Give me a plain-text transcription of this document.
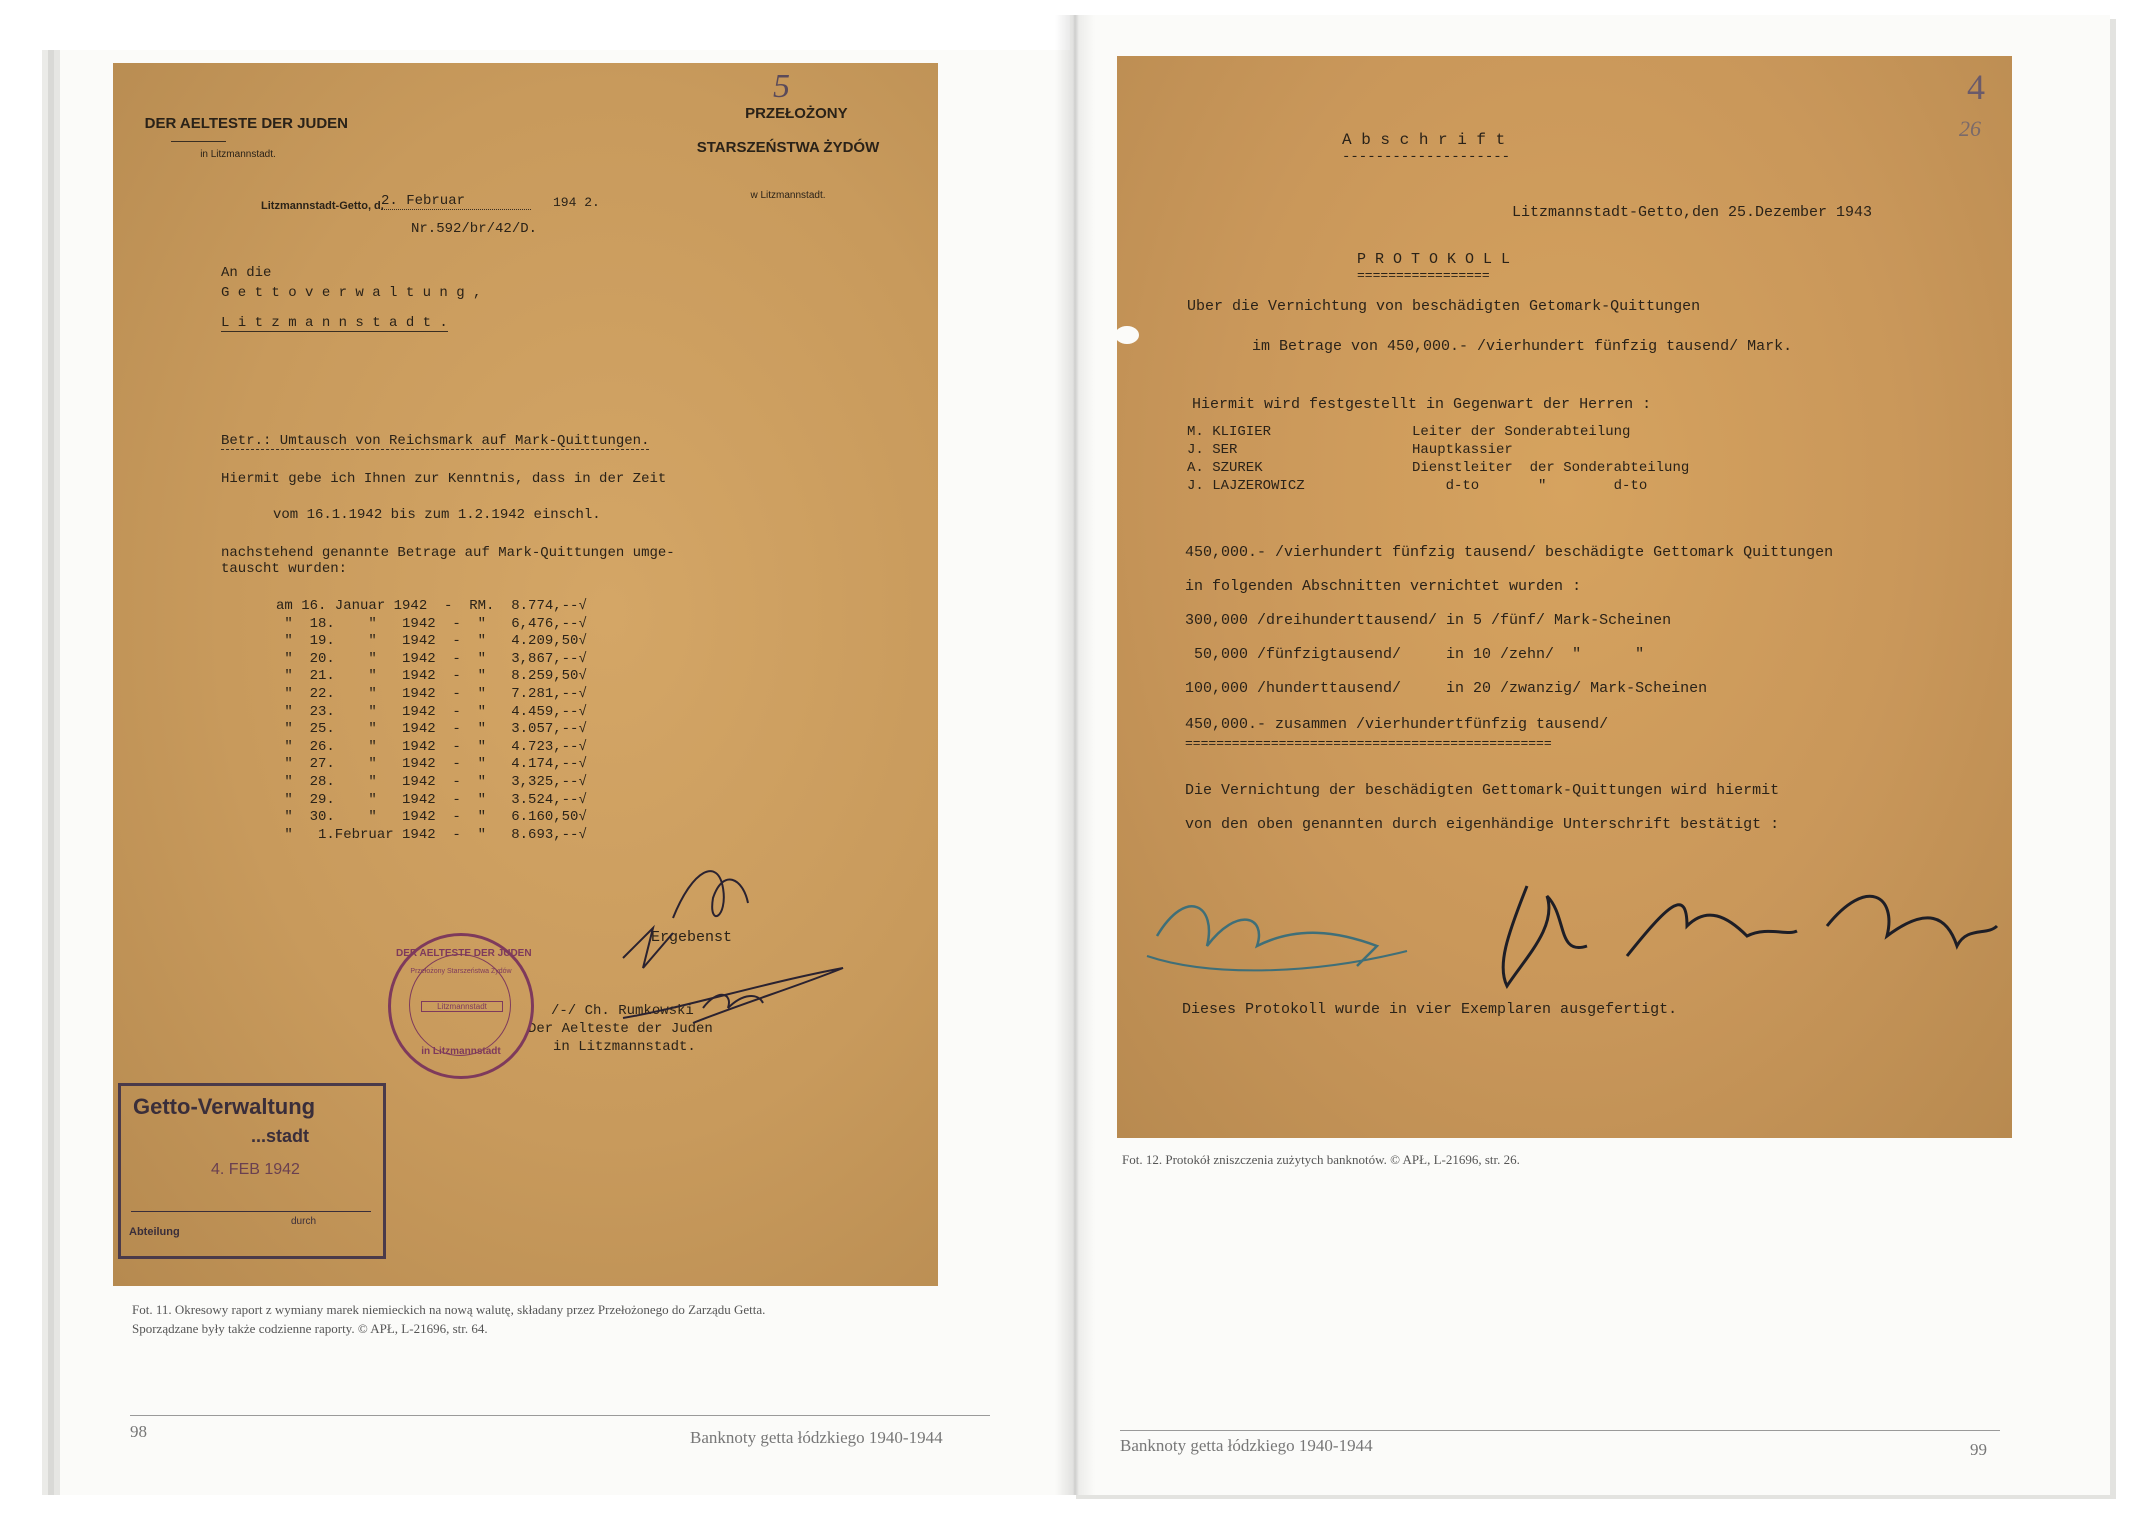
DER AELTESTE DER JUDEN

in Litzmannstadt.

PRZEŁOŻONY

STARSZEŃSTWA ŻYDÓW

w Litzmannstadt.

5
Litzmannstadt-Getto, d.
2. Februar	194 2.
Nr.592/br/42/D.
An die
G e t t o v e r w a l t u n g ,
L i t z m a n n s t a d t .
Betr.: Umtausch von Reichsmark auf Mark-Quittungen.
Hiermit gebe ich Ihnen zur Kenntnis, dass in der Zeit
vom 16.1.1942 bis zum 1.2.1942 einschl.
nachstehend genannte Betrage auf Mark-Quittungen umge-
tauscht wurden:
am 16. Januar 1942  -  RM.  8.774,--√
"  18.    "   1942  -  "   6,476,--√
"  19.    "   1942  -  "   4.209,50√
"  20.    "   1942  -  "   3,867,--√
"  21.    "   1942  -  "   8.259,50√
"  22.    "   1942  -  "   7.281,--√
"  23.    "   1942  -  "   4.459,--√
"  25.    "   1942  -  "   3.057,--√
"  26.    "   1942  -  "   4.723,--√
"  27.    "   1942  -  "   4.174,--√
"  28.    "   1942  -  "   3,325,--√
"  29.    "   1942  -  "   3.524,--√
"  30.    "   1942  -  "   6.160,50√
"   1.Februar 1942  -  "   8.693,--√
Ergebenst
/-/ Ch. Rumkowski
Der Aelteste der Juden
in Litzmannstadt.
DER AELTESTE DER JUDEN
Przełożony Starszeństwa Żydów
Litzmannstadt
in Litzmannstadt
Getto-Verwaltung
...stadt
4. FEB 1942
Abteilung
durch
Fot. 11. Okresowy raport z wymiany marek niemieckich na nową walutę, składany przez Przełożonego do Zarządu Getta.
Sporządzane były także codzienne raporty. © APŁ, L-21696, str. 64.
98	Banknoty getta łódzkiego 1940-1944
A b s c h r i f t
--------------------
4
26
Litzmannstadt-Getto,den 25.Dezember 1943
P R O T O K O L L
=================
Uber die Vernichtung von beschädigten Getomark-Quittungen
im Betrage von 450,000.- /vierhundert fünfzig tausend/ Mark.
Hiermit wird festgestellt in Gegenwart der Herren :
M. KLIGIER	Leiter der Sonderabteilung
J. SER	Hauptkassier
A. SZUREK	Dienstleiter  der Sonderabteilung
J. LAJZEROWICZ	d-to       "        d-to
450,000.- /vierhundert fünfzig tausend/ beschädigte Gettomark Quittungen
in folgenden Abschnitten vernichtet wurden :
300,000 /dreihunderttausend/ in 5 /fünf/ Mark-Scheinen
50,000 /fünfzigtausend/     in 10 /zehn/  "      "
100,000 /hunderttausend/     in 20 /zwanzig/ Mark-Scheinen
450,000.- zusammen /vierhundertfünfzig tausend/
===============================================
Die Vernichtung der beschädigten Gettomark-Quittungen wird hiermit
von den oben genannten durch eigenhändige Unterschrift bestätigt :
Dieses Protokoll wurde in vier Exemplaren ausgefertigt.
Fot. 12. Protokół zniszczenia zużytych banknotów. © APŁ, L-21696, str. 26.
Banknoty getta łódzkiego 1940-1944	99
